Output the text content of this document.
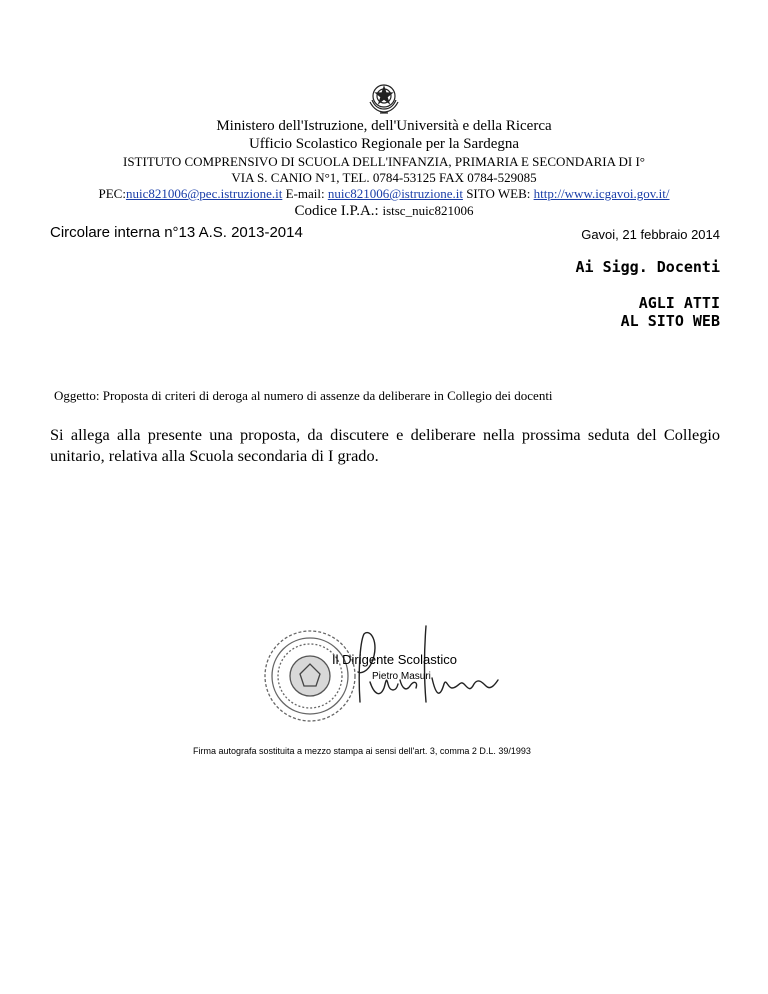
Ministero dell'Istruzione, dell'Università e della Ricerca
Ufficio Scolastico Regionale per la Sardegna
ISTITUTO COMPRENSIVO DI SCUOLA DELL'INFANZIA, PRIMARIA E SECONDARIA DI I°
VIA S. CANIO N°1, TEL. 0784-53125 FAX 0784-529085
PEC:nuic821006@pec.istruzione.it E-mail: nuic821006@istruzione.it SITO WEB: http://www.icgavoi.gov.it/
Codice I.P.A.: istsc_nuic821006
Circolare interna n°13 A.S. 2013-2014	Gavoi, 21 febbraio 2014
Ai Sigg. Docenti
AGLI ATTI
AL SITO WEB
Oggetto: Proposta di criteri di deroga al numero di assenze da deliberare in Collegio dei docenti
Si allega alla presente una proposta, da discutere e deliberare nella prossima seduta del Collegio
unitario, relativa alla Scuola secondaria di I grado.
Il Dirigente Scolastico
Pietro Masuri
Firma autografa sostituita a mezzo stampa ai sensi dell'art. 3, comma 2 D.L. 39/1993
